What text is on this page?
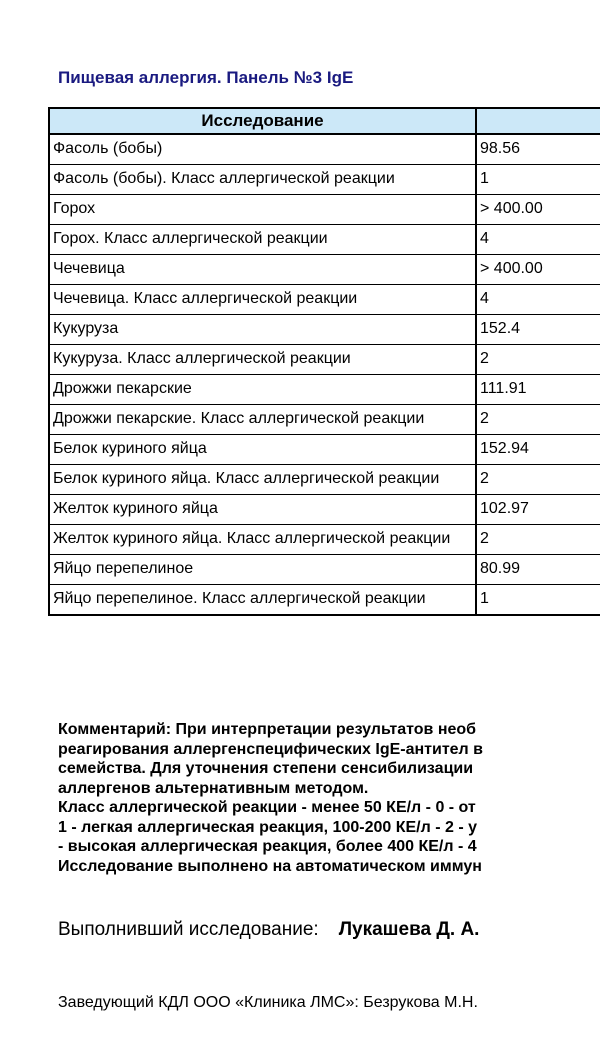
Пищевая аллергия. Панель №3 IgE
Исследование	
Фасоль (бобы)	98.56
Фасоль (бобы). Класс аллергической реакции	1
Горох	> 400.00
Горох. Класс аллергической реакции	4
Чечевица	> 400.00
Чечевица. Класс аллергической реакции	4
Кукуруза	152.4
Кукуруза. Класс аллергической реакции	2
Дрожжи пекарские	111.91
Дрожжи пекарские. Класс аллергической реакции	2
Белок куриного яйца	152.94
Белок куриного яйца. Класс аллергической реакции	2
Желток куриного яйца	102.97
Желток куриного яйца. Класс аллергической реакции	2
Яйцо перепелиное	80.99
Яйцо перепелиное. Класс аллергической реакции	1

Комментарий: При интерпретации результатов необ

реагирования аллергенспецифических IgE-антител в

семейства. Для уточнения степени сенсибилизации

аллергенов альтернативным методом.

Класс аллергической реакции - менее 50 КЕ/л - 0 - от

1 - легкая аллергическая реакция, 100-200 КЕ/л - 2 - у

- высокая аллергическая реакция, более 400 КЕ/л - 4

Исследование выполнено на автоматическом иммун

Выполнивший исследование: Лукашева Д. А.
Заведующий КДЛ ООО «Клиника ЛМС»: Безрукова М.Н.
